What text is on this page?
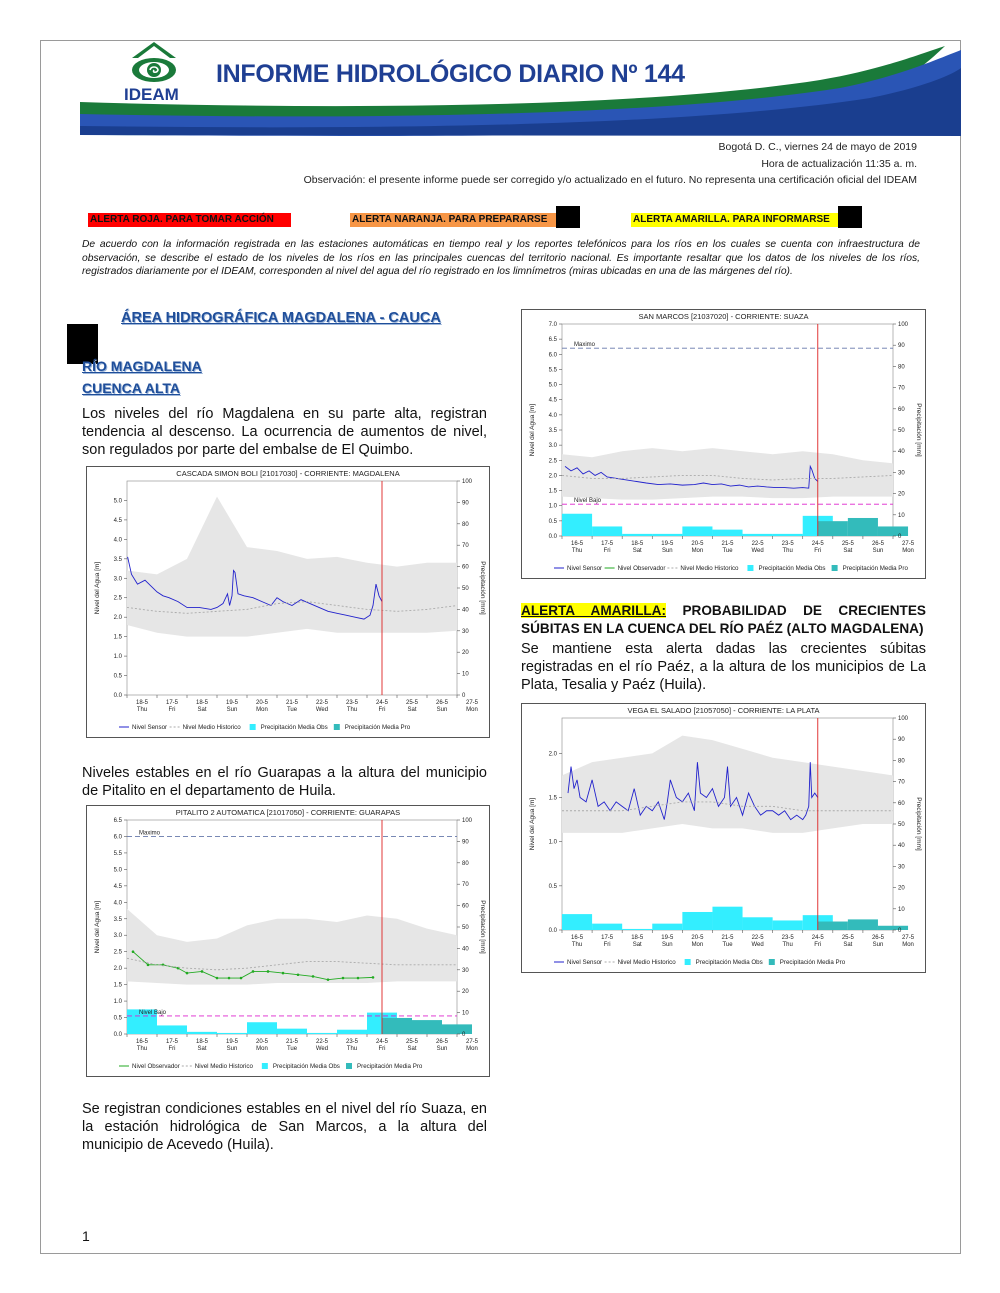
IDEAM
INFORME HIDROLÓGICO DIARIO Nº 144
Bogotá D. C., viernes 24 de mayo de 2019
Hora de actualización 11:35 a. m.
Observación: el presente informe puede ser corregido y/o actualizado en el futuro. No representa una certificación oficial del IDEAM
ALERTA ROJA. PARA TOMAR ACCIÓN	ALERTA NARANJA. PARA PREPARARSE	ALERTA AMARILLA. PARA INFORMARSE
De acuerdo con la información registrada en las estaciones automáticas en tiempo real y los reportes telefónicos para los ríos en los cuales se cuenta con infraestructura de observación, se describe el estado de los niveles de los ríos en las principales cuencas del territorio nacional. Es importante resaltar que los datos de los niveles de los ríos, registrados diariamente por el IDEAM, corresponden al nivel del agua del río registrado en los limnímetros (miras ubicadas en una de las márgenes del río).
ÁREA HIDROGRÁFICA MAGDALENA - CAUCA
RÍO MAGDALENA
CUENCA ALTA
Los niveles del río Magdalena en su parte alta, registran tendencia al descenso. La ocurrencia de aumentos de nivel, son regulados por parte del embalse de El Quimbo.
CASCADA SIMON BOLI [21017030] - CORRIENTE: MAGDALENA
0.0
0.5
1.0
1.5
2.0
2.5
3.0
3.5
4.0
4.5
5.0
0
10
20
30
40
50
60
70
80
90
100
18-5
Thu
17-5
Fri
18-5
Sat
19-5
Sun
20-5
Mon
21-5
Tue
22-5
Wed
23-5
Thu
24-5
Fri
25-5
Sat
26-5
Sun
27-5
Mon
Nivel del Agua [m]	Precipitación [mm]
Nivel Sensor	Nivel Medio Historico	Precipitación Media Obs	Precipitación Media Pro
Niveles estables en el río Guarapas a la altura del municipio de Pitalito en el departamento de Huila.
PITALITO 2 AUTOMATICA [21017050] - CORRIENTE: GUARAPAS
Maximo
Nivel Bajo
0.0
0.5
1.0
1.5
2.0
2.5
3.0
3.5
4.0
4.5
5.0
5.5
6.0
6.5
0
10
20
30
40
50
60
70
80
90
100
16-5
Thu
17-5
Fri
18-5
Sat
19-5
Sun
20-5
Mon
21-5
Tue
22-5
Wed
23-5
Thu
24-5
Fri
25-5
Sat
26-5
Sun
27-5
Mon
Nivel del Agua [m]	Precipitación [mm]
Nivel Observador Nivel Medio Historico	Precipitación Media Obs	Precipitación Media Pro
Se registran condiciones estables en el nivel del río Suaza, en la estación hidrológica de San Marcos, a la altura del municipio de Acevedo (Huila).
SAN MARCOS [21037020] - CORRIENTE: SUAZA
Maximo
Nivel Bajo
0.0
0.5
1.0
1.5
2.0
2.5
3.0
3.5
4.0
4.5
5.0
5.5
6.0
6.5
7.0
0
10
20
30
40
50
60
70
80
90
100
16-5
Thu
17-5
Fri
18-5
Sat
19-5
Sun
20-5
Mon
21-5
Tue
22-5
Wed
23-5
Thu
24-5
Fri
25-5
Sat
26-5
Sun
27-5
Mon
Nivel del Agua [m]	Precipitación [mm]
Nivel Sensor	Nivel Observador Nivel Medio Historico	Precipitación Media Obs	Precipitación Media Pro
ALERTA AMARILLA: PROBABILIDAD DE CRECIENTES SÚBITAS EN LA CUENCA DEL RÍO PAÉZ (ALTO MAGDALENA)
Se mantiene esta alerta dadas las crecientes súbitas registradas en el río Paéz, a la altura de los municipios de La Plata, Tesalia y Paéz (Huila).
VEGA EL SALADO [21057050] - CORRIENTE: LA PLATA
0.0
0.5
1.0
1.5
2.0
0
10
20
30
40
50
60
70
80
90
100
16-5
Thu
17-5
Fri
18-5
Sat
19-5
Sun
20-5
Mon
21-5
Tue
22-5
Wed
23-5
Thu
24-5
Fri
25-5
Sat
26-5
Sun
27-5
Mon
Nivel del Agua [m]	Precipitación [mm]
Nivel Sensor	Nivel Medio Historico	Precipitación Media Obs	Precipitación Media Pro
1
